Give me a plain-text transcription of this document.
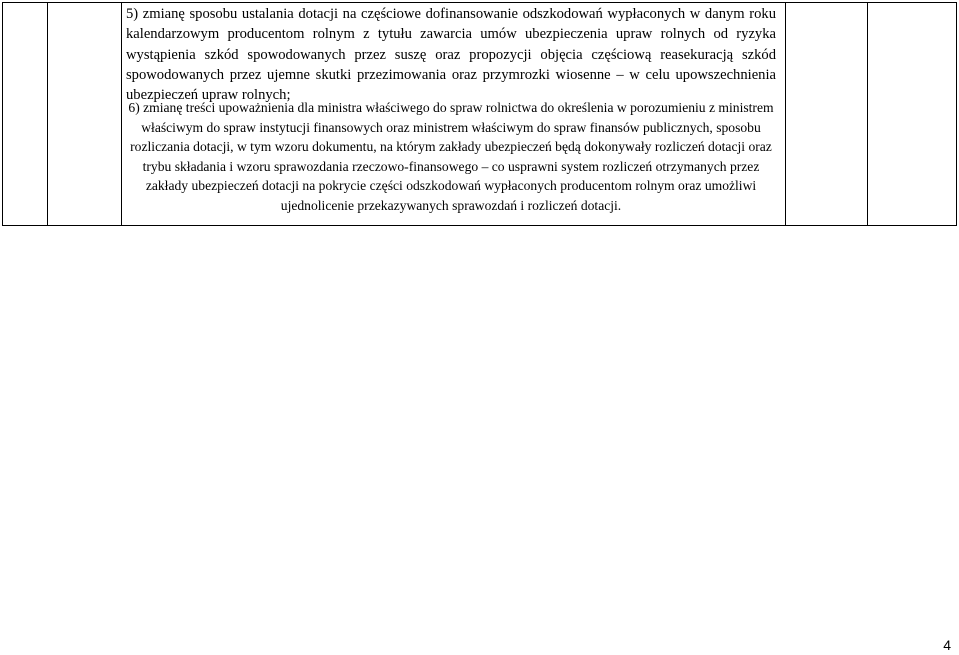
5) zmianę sposobu ustalania dotacji na częściowe dofinansowanie odszkodowań wypłaconych w danym roku kalendarzowym producentom rolnym z tytułu zawarcia umów ubezpieczenia upraw rolnych od ryzyka wystąpienia szkód spowodowanych przez suszę oraz propozycji objęcia częściową reasekuracją szkód spowodowanych przez ujemne skutki przezimowania oraz przymrozki wiosenne – w celu upowszechnienia ubezpieczeń upraw rolnych;
6) zmianę treści upoważnienia dla ministra właściwego do spraw rolnictwa do określenia w porozumieniu z ministrem właściwym do spraw instytucji finansowych oraz ministrem właściwym do spraw finansów publicznych, sposobu rozliczania dotacji, w tym wzoru dokumentu, na którym zakłady ubezpieczeń będą dokonywały rozliczeń dotacji oraz trybu składania i wzoru sprawozdania rzeczowo-finansowego – co usprawni system rozliczeń otrzymanych przez zakłady ubezpieczeń dotacji na pokrycie części odszkodowań wypłaconych producentom rolnym oraz umożliwi ujednolicenie przekazywanych sprawozdań i rozliczeń dotacji.
4
